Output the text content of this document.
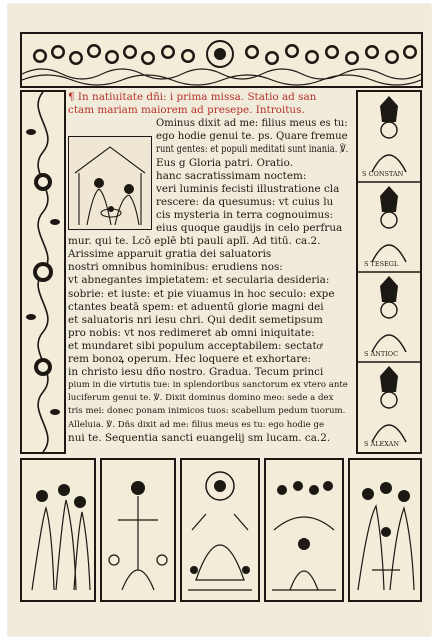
S CONSTAN
S TESEGL
S ANTIOC
S ALEXAN
¶ In natiuitate dñi: i prima missa. Statio ad san
ctam mariam maiorem ad presepe. Introitus.
Ominus dixit ad me: filius meus es tu:
ego hodie genui te. ps. Quare fremue
runt gentes: et populi meditati sunt inania. ℣.
Eus g Gloria patri. Oratio.
hanc sacratissimam noctem:
veri luminis fecisti illustratione cla
rescere: da quesumus: vt cuius lu
cis mysteria in terra cognouimus:
eius quoque gaudijs in celo perfrua
mur. qui te. Lcō eplē bti pauli aplī. Ad titū. ca.2.
Arissime apparuit gratia dei saluatoris
nostri omnibus hominibus: erudiens nos:
vt abnegantes impietatem: et secularia desideria:
sobrie: et iuste: et pie viuamus in hoc seculo: expe
ctantes beatā spem: et aduentū glorie magni dei
et saluatoris nri iesu chri. Qui dedit semetipsum
pro nobis: vt nos redimeret ab omni iniquitate:
et mundaret sibi populum acceptabilem: sectatoͣ
rem bonoꝝ operum. Hec loquere et exhortare:
in christo iesu dño nostro. Gradua. Tecum princi
pium in die virtutis tue: in splendoribus sanctorum ex vtero ante
luciferum genui te. ℣. Dixit dominus domino meo: sede a dex
tris mei: donec ponam inimicos tuos: scabellum pedum tuorum.
Alleluia. ℣. Dñs dixit ad me: filius meus es tu: ego hodie ge
nui te. Sequentia sancti euangelij sm lucam. ca.2.
